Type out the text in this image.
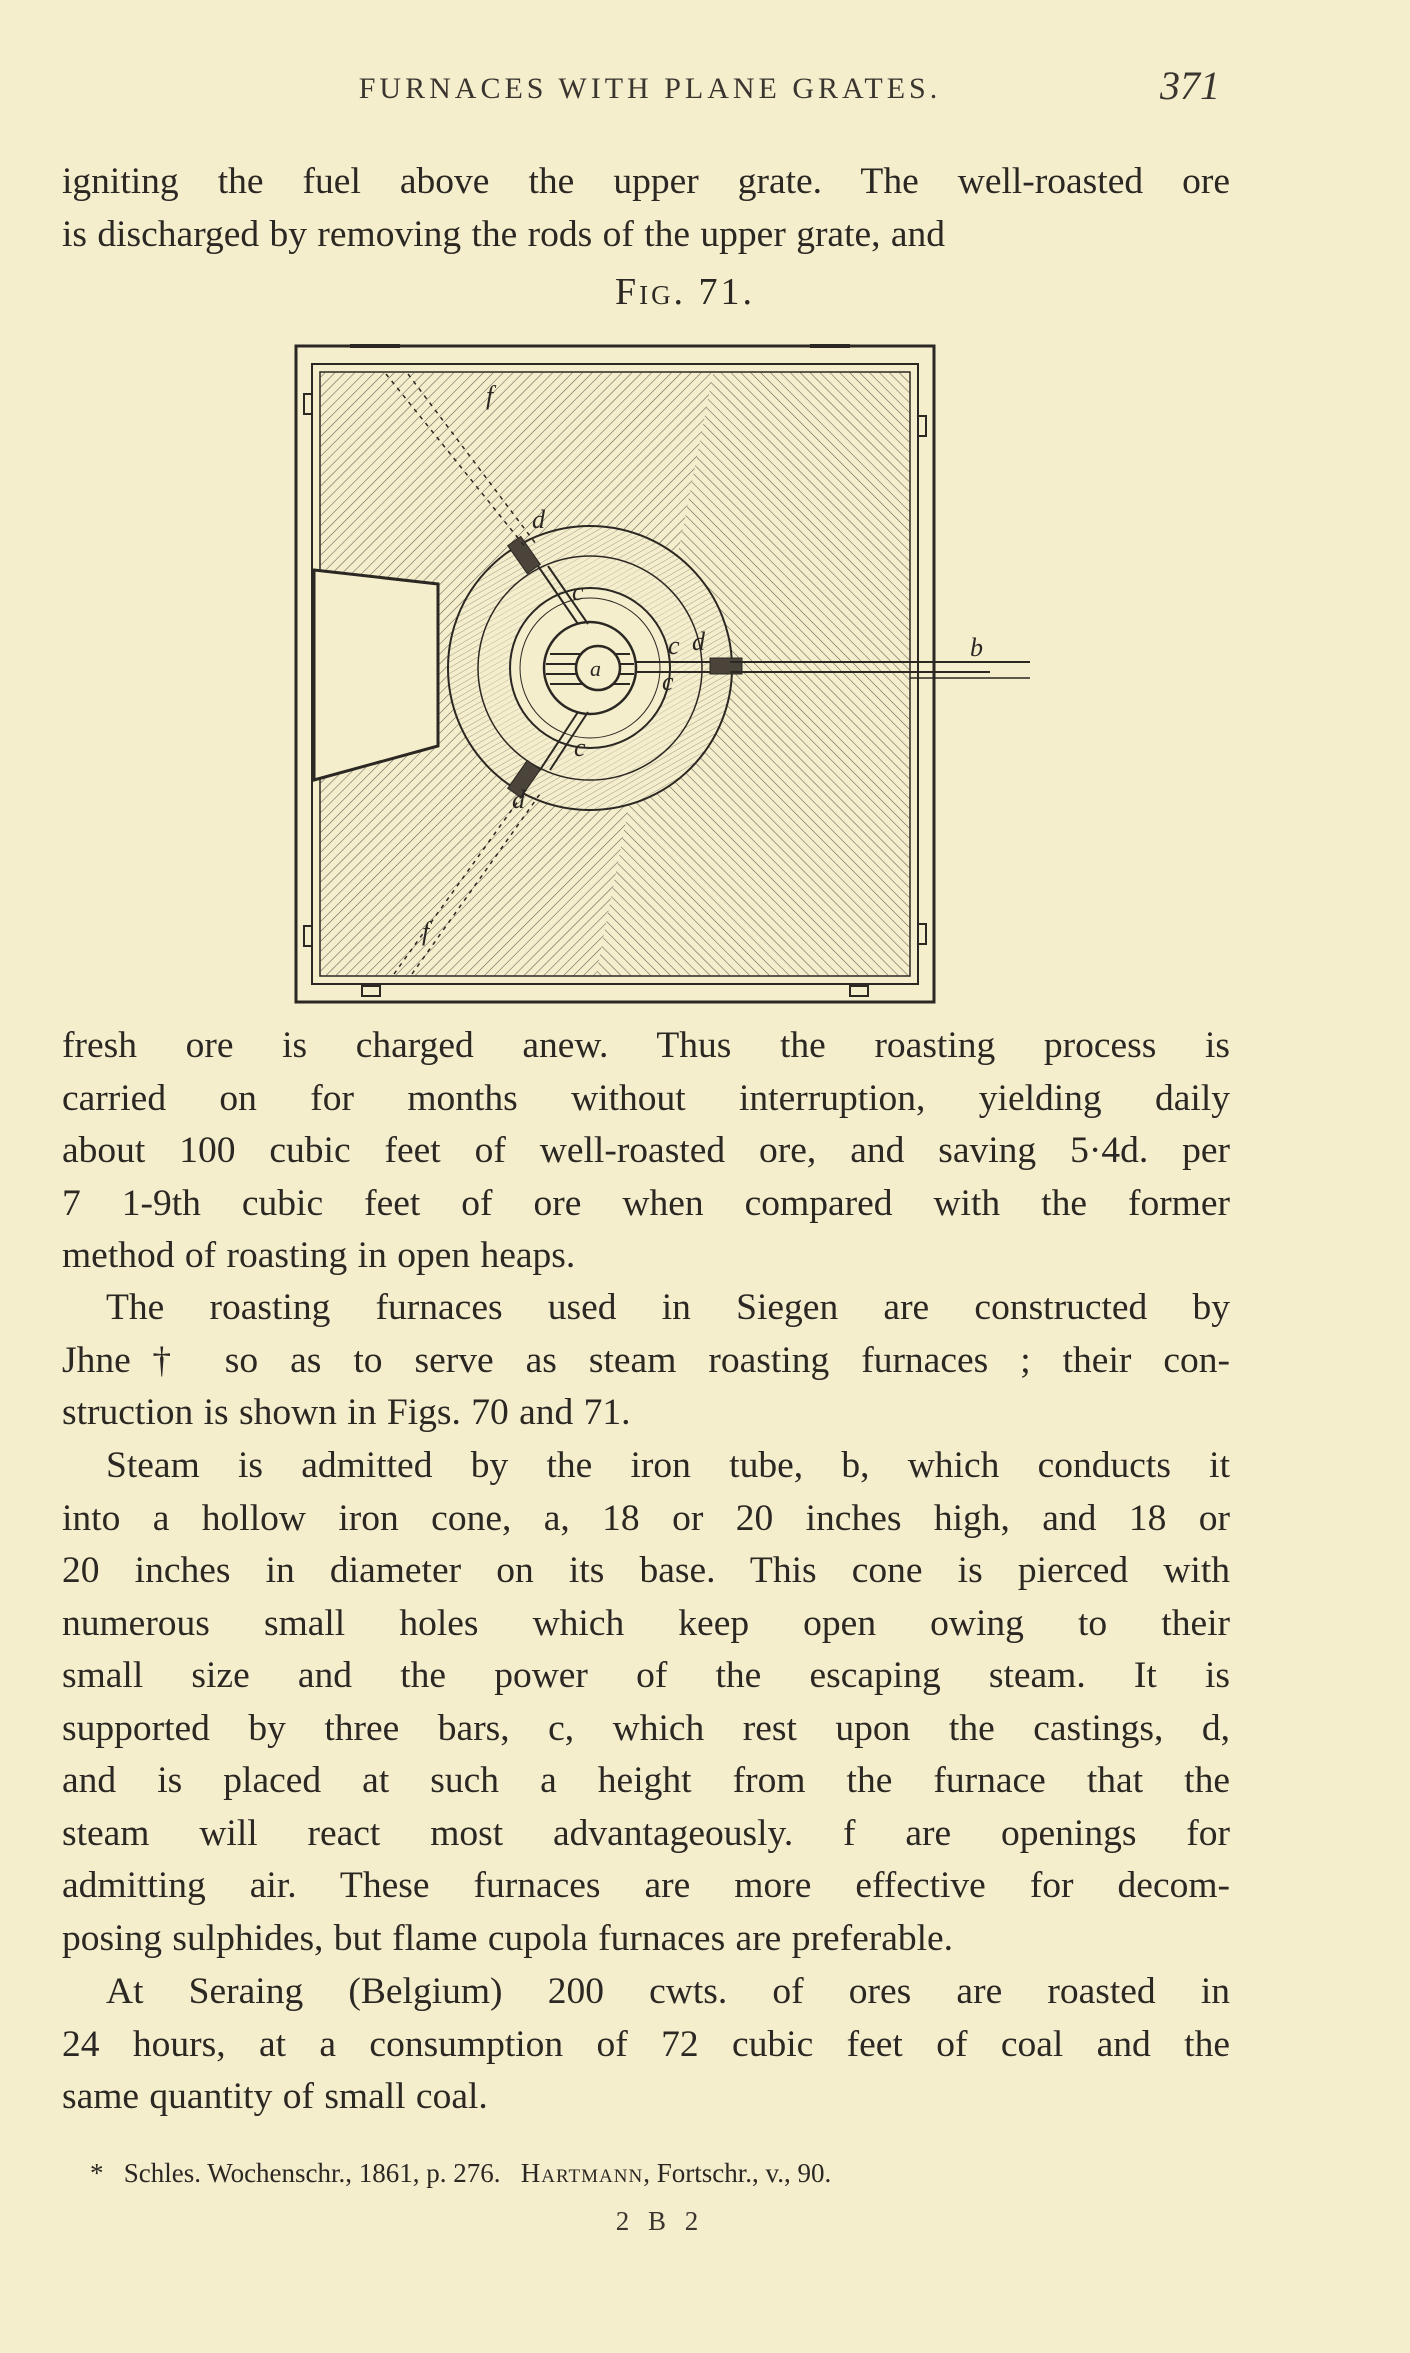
FURNACES WITH PLANE GRATES.	371

igniting the fuel above the upper grate. The well-roasted ore
is discharged by removing the rods of the upper grate, and

Fig. 71.
f
d
c
c d
c
a
c
d
f
b

fresh ore is charged anew. Thus the roasting process is
carried on for months without interruption, yielding daily
about 100 cubic feet of well-roasted ore, and saving 5·4d. per
7 1-9th cubic feet of ore when compared with the former
method of roasting in open heaps.

The roasting furnaces used in Siegen are constructed by
Jhne† so as to serve as steam roasting furnaces ; their con-
struction is shown in Figs. 70 and 71.

Steam is admitted by the iron tube, b, which conducts it
into a hollow iron cone, a, 18 or 20 inches high, and 18 or
20 inches in diameter on its base. This cone is pierced with
numerous small holes which keep open owing to their
small size and the power of the escaping steam. It is
supported by three bars, c, which rest upon the castings, d,
and is placed at such a height from the furnace that the
steam will react most advantageously. f are openings for
admitting air. These furnaces are more effective for decom-
posing sulphides, but flame cupola furnaces are preferable.

At Seraing (Belgium) 200 cwts. of ores are roasted in
24 hours, at a consumption of 72 cubic feet of coal and the
same quantity of small coal.

* Schles. Wochenschr., 1861, p. 276. Hartmann, Fortschr., v., 90.
2 B 2
